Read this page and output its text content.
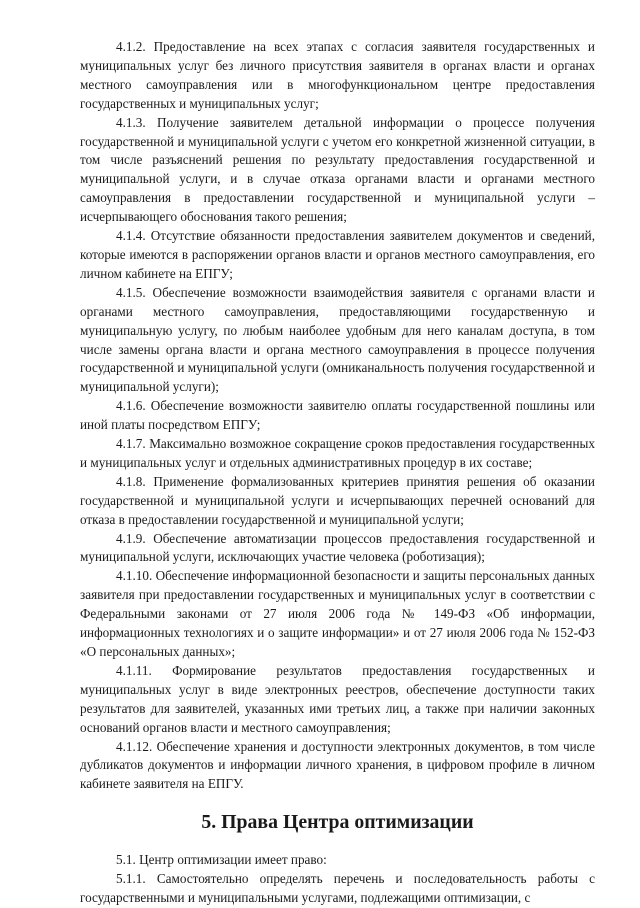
4.1.2. Предоставление на всех этапах с согласия заявителя государственных и муниципальных услуг без личного присутствия заявителя в органах власти и органах местного самоуправления или в многофункциональном центре предоставления государственных и муниципальных услуг;

4.1.3. Получение заявителем детальной информации о процессе получения государственной и муниципальной услуги с учетом его конкретной жизненной ситуации, в том числе разъяснений решения по результату предоставления государственной и муниципальной услуги, и в случае отказа органами власти и органами местного самоуправления в предоставлении государственной и муниципальной услуги – исчерпывающего обоснования такого решения;

4.1.4. Отсутствие обязанности предоставления заявителем документов и сведений, которые имеются в распоряжении органов власти и органов местного самоуправления, его личном кабинете на ЕПГУ;

4.1.5. Обеспечение возможности взаимодействия заявителя с органами власти и органами местного самоуправления, предоставляющими государственную и муниципальную услугу, по любым наиболее удобным для него каналам доступа, в том числе замены органа власти и органа местного самоуправления в процессе получения государственной и муниципальной услуги (омниканальность получения государственной и муниципальной услуги);

4.1.6. Обеспечение возможности заявителю оплаты государственной пошлины или иной платы посредством ЕПГУ;

4.1.7. Максимально возможное сокращение сроков предоставления государственных и муниципальных услуг и отдельных административных процедур в их составе;

4.1.8. Применение формализованных критериев принятия решения об оказании государственной и муниципальной услуги и исчерпывающих перечней оснований для отказа в предоставлении государственной и муниципальной услуги;

4.1.9. Обеспечение автоматизации процессов предоставления государственной и муниципальной услуги, исключающих участие человека (роботизация);

4.1.10. Обеспечение информационной безопасности и защиты персональных данных заявителя при предоставлении государственных и муниципальных услуг в соответствии с Федеральными законами от 27 июля 2006 года № 149-ФЗ «Об информации, информационных технологиях и о защите информации» и от 27 июля 2006 года № 152-ФЗ «О персональных данных»;

4.1.11. Формирование результатов предоставления государственных и муниципальных услуг в виде электронных реестров, обеспечение доступности таких результатов для заявителей, указанных ими третьих лиц, а также при наличии законных оснований органов власти и местного самоуправления;

4.1.12. Обеспечение хранения и доступности электронных документов, в том числе дубликатов документов и информации личного хранения, в цифровом профиле в личном кабинете заявителя на ЕПГУ.

5. Права Центра оптимизации

5.1. Центр оптимизации имеет право:

5.1.1. Самостоятельно определять перечень и последовательность работы с государственными и муниципальными услугами, подлежащими оптимизации, с
